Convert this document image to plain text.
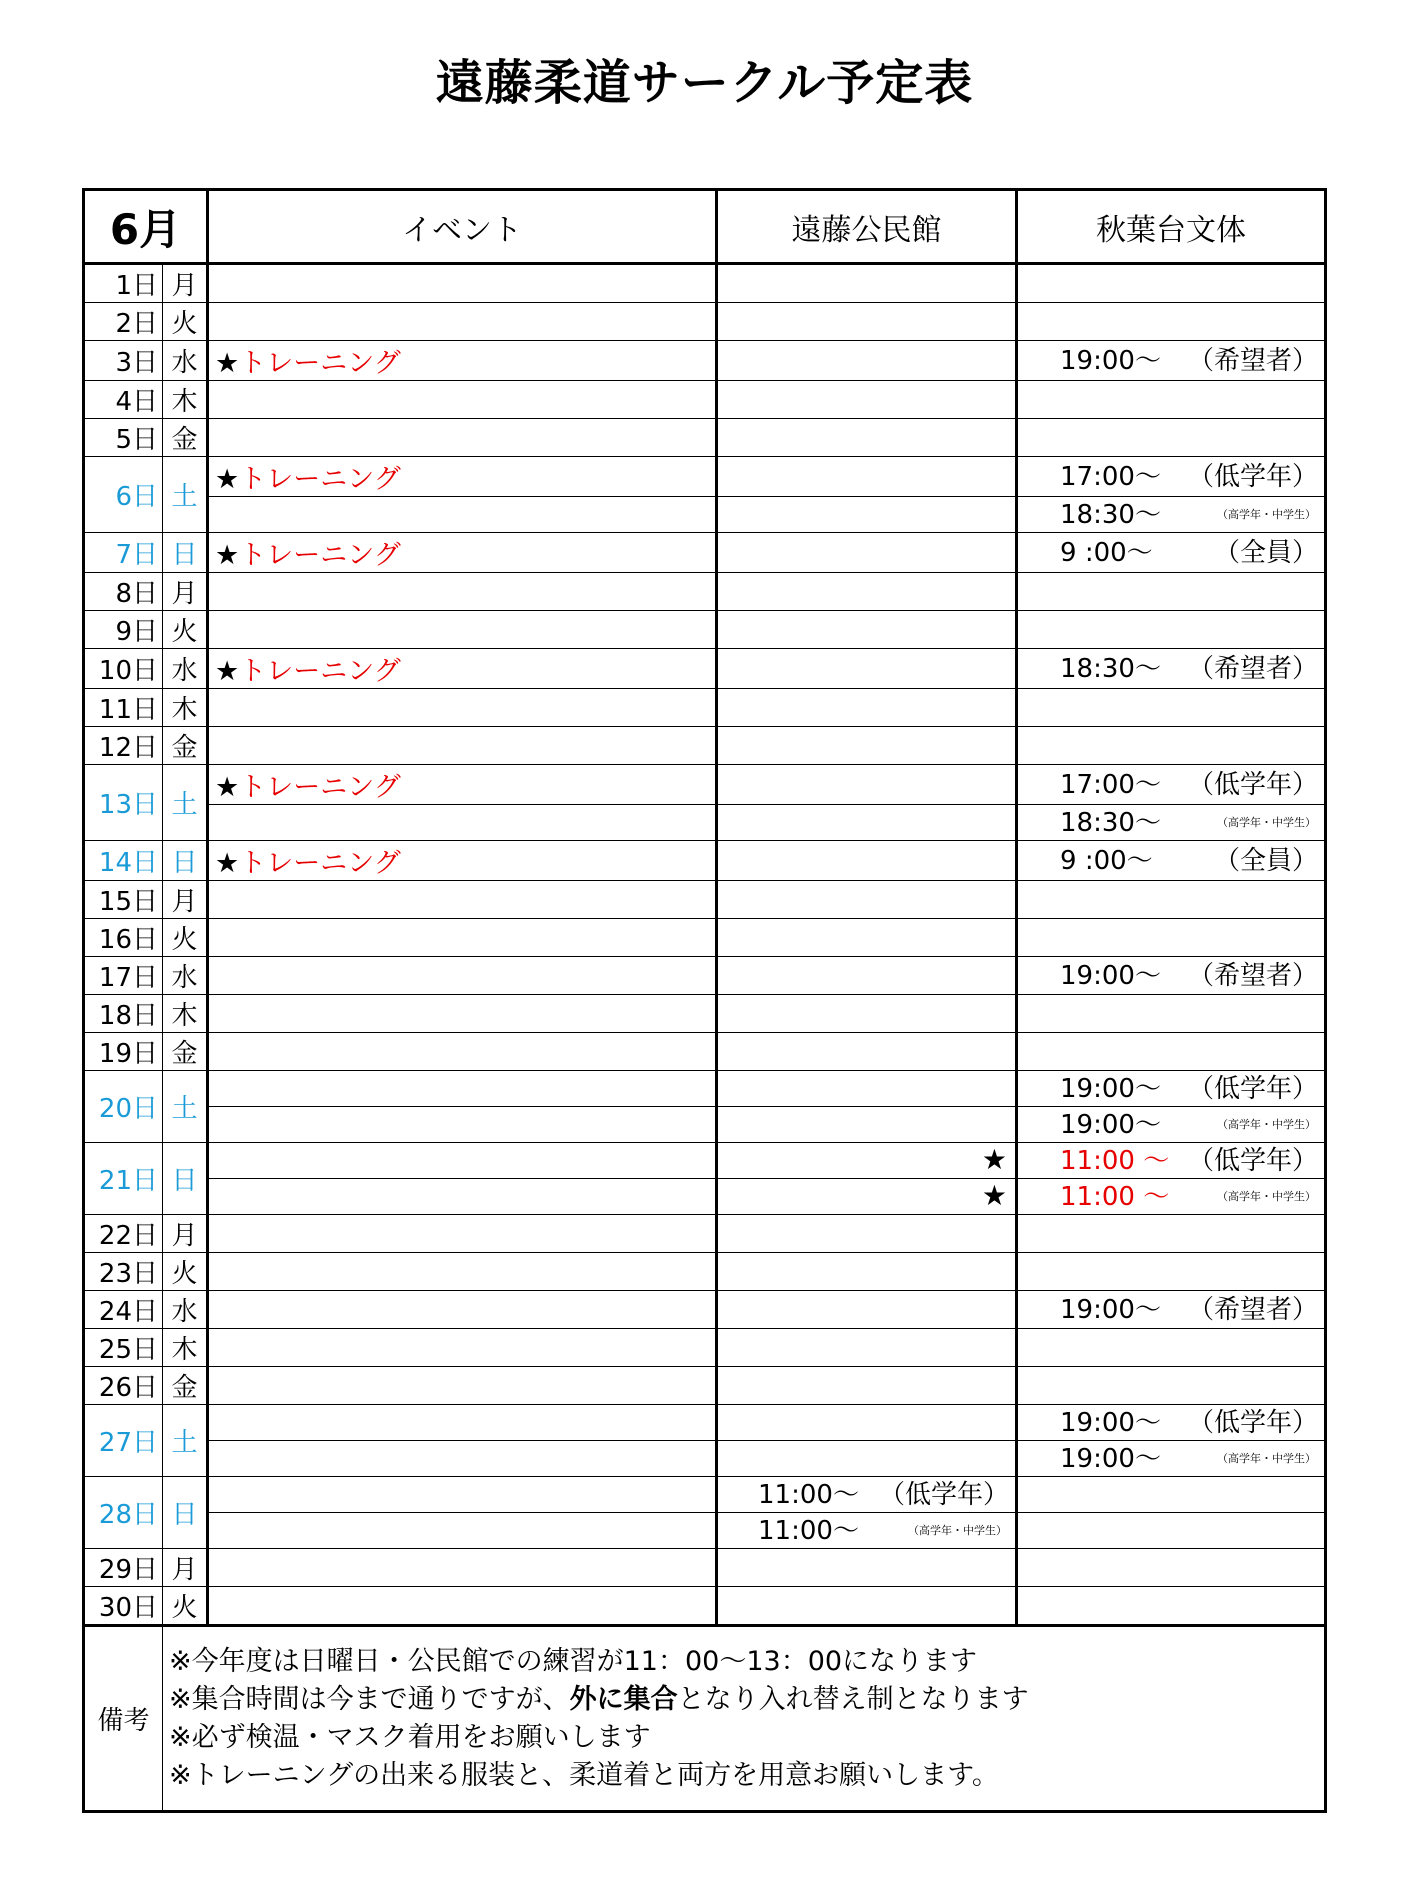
遠藤柔道サークル予定表
6月		イベント	遠藤公民館	秋葉台文体
1日	月			
2日	火			
3日	水	★トレーニング		19:00～ （希望者）

4日	木			
5日	金			
6日	土	★トレーニング		17:00～ （低学年）

				18:30～ （高学年・中学生）

7日	日	★トレーニング		9 :00～ （全員）

8日	月			
9日	火			
10日	水	★トレーニング		18:30～ （希望者）

11日	木			
12日	金			
13日	土	★トレーニング		17:00～ （低学年）

				18:30～ （高学年・中学生）

14日	日	★トレーニング		9 :00～ （全員）

15日	月			
16日	火			
17日	水			19:00～ （希望者）

18日	木			
19日	金			
20日	土			19:00～ （低学年）

				19:00～ （高学年・中学生）

21日	日		★	11:00 ～ （低学年）

			★	11:00 ～ （高学年・中学生）

22日	月			
23日	火			
24日	水			19:00～ （希望者）

25日	木			
26日	金			
27日	土			19:00～ （低学年）

				19:00～ （高学年・中学生）

28日	日		11:00～ （低学年）	

			11:00～ （高学年・中学生）	

29日	月			
30日	火			
備考	※今年度は日曜日・公民館での練習が11：00～13：00になります
※集合時間は今まで通りですが、外に集合となり入れ替え制となります
※必ず検温・マスク着用をお願いします
※トレーニングの出来る服装と、柔道着と両方を用意お願いします。			
